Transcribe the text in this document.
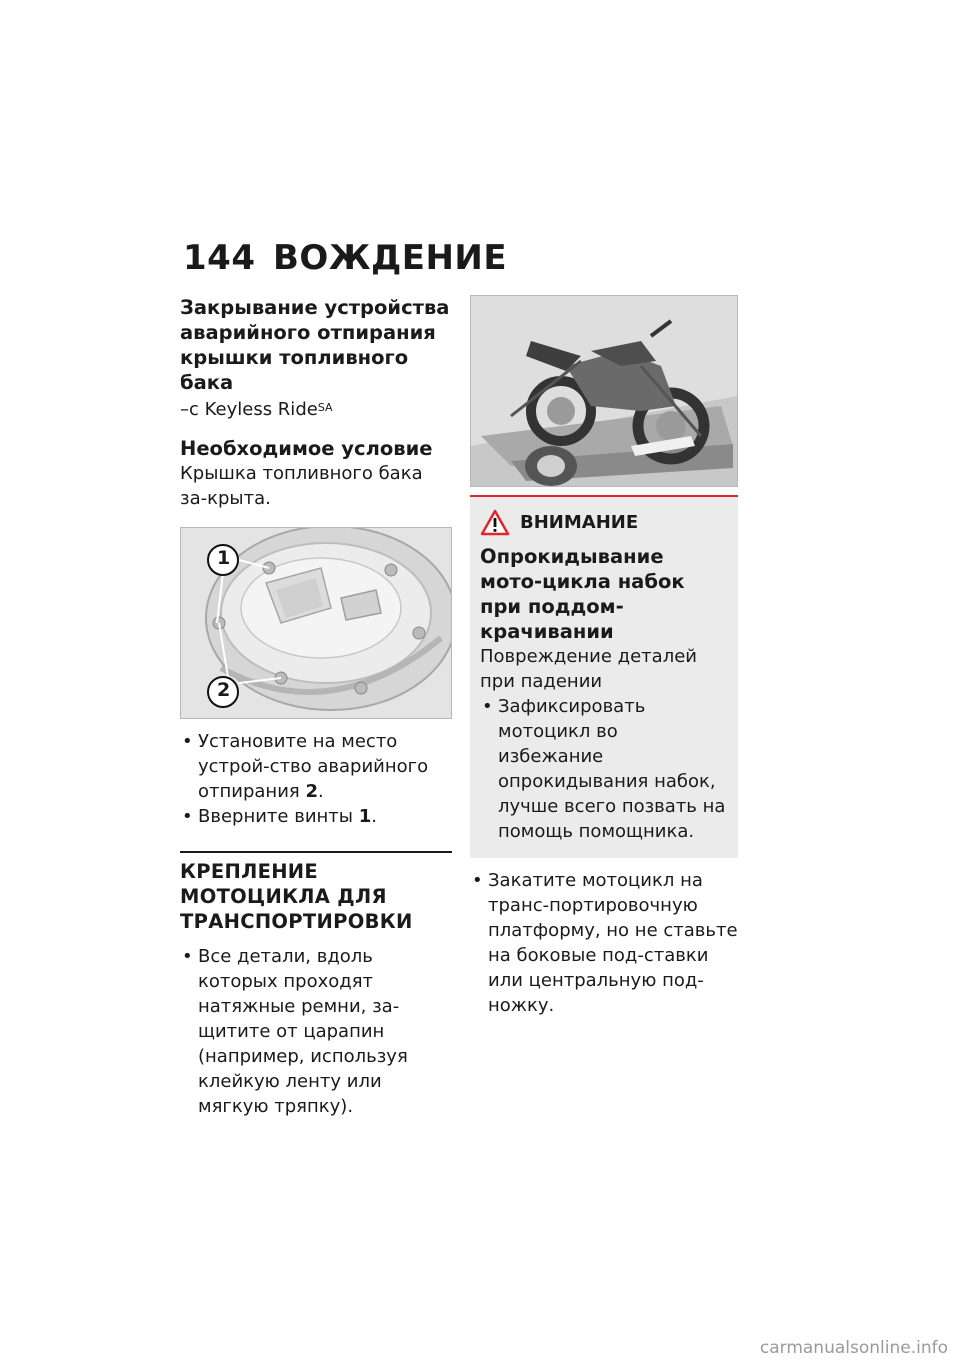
144 ВОЖДЕНИЕ

Закрывание устройства аварийного отпирания крышки топливного бака

–с Keyless Ride$^{SA}$

Необходимое условие

Крышка топливного бака за-крыта.

1
2
• Установите на место устрой-ство аварийного отпирания 2.
• Вверните винты 1.
КРЕПЛЕНИЕ МОТОЦИКЛА ДЛЯ ТРАНСПОРТИРОВКИ
• Все детали, вдоль которых проходят натяжные ремни, за-щитите от царапин (например, используя клейкую ленту или мягкую тряпку).
ВНИМАНИЕ

Опрокидывание мото-цикла набок при поддом-крачивании

Повреждение деталей при падении

• Зафиксировать мотоцикл во избежание опрокидывания набок, лучше всего позвать на помощь помощника.
• Закатите мотоцикл на транс-портировочную платформу, но не ставьте на боковые под-ставки или центральную под-ножку.
carmanualsonline.info
